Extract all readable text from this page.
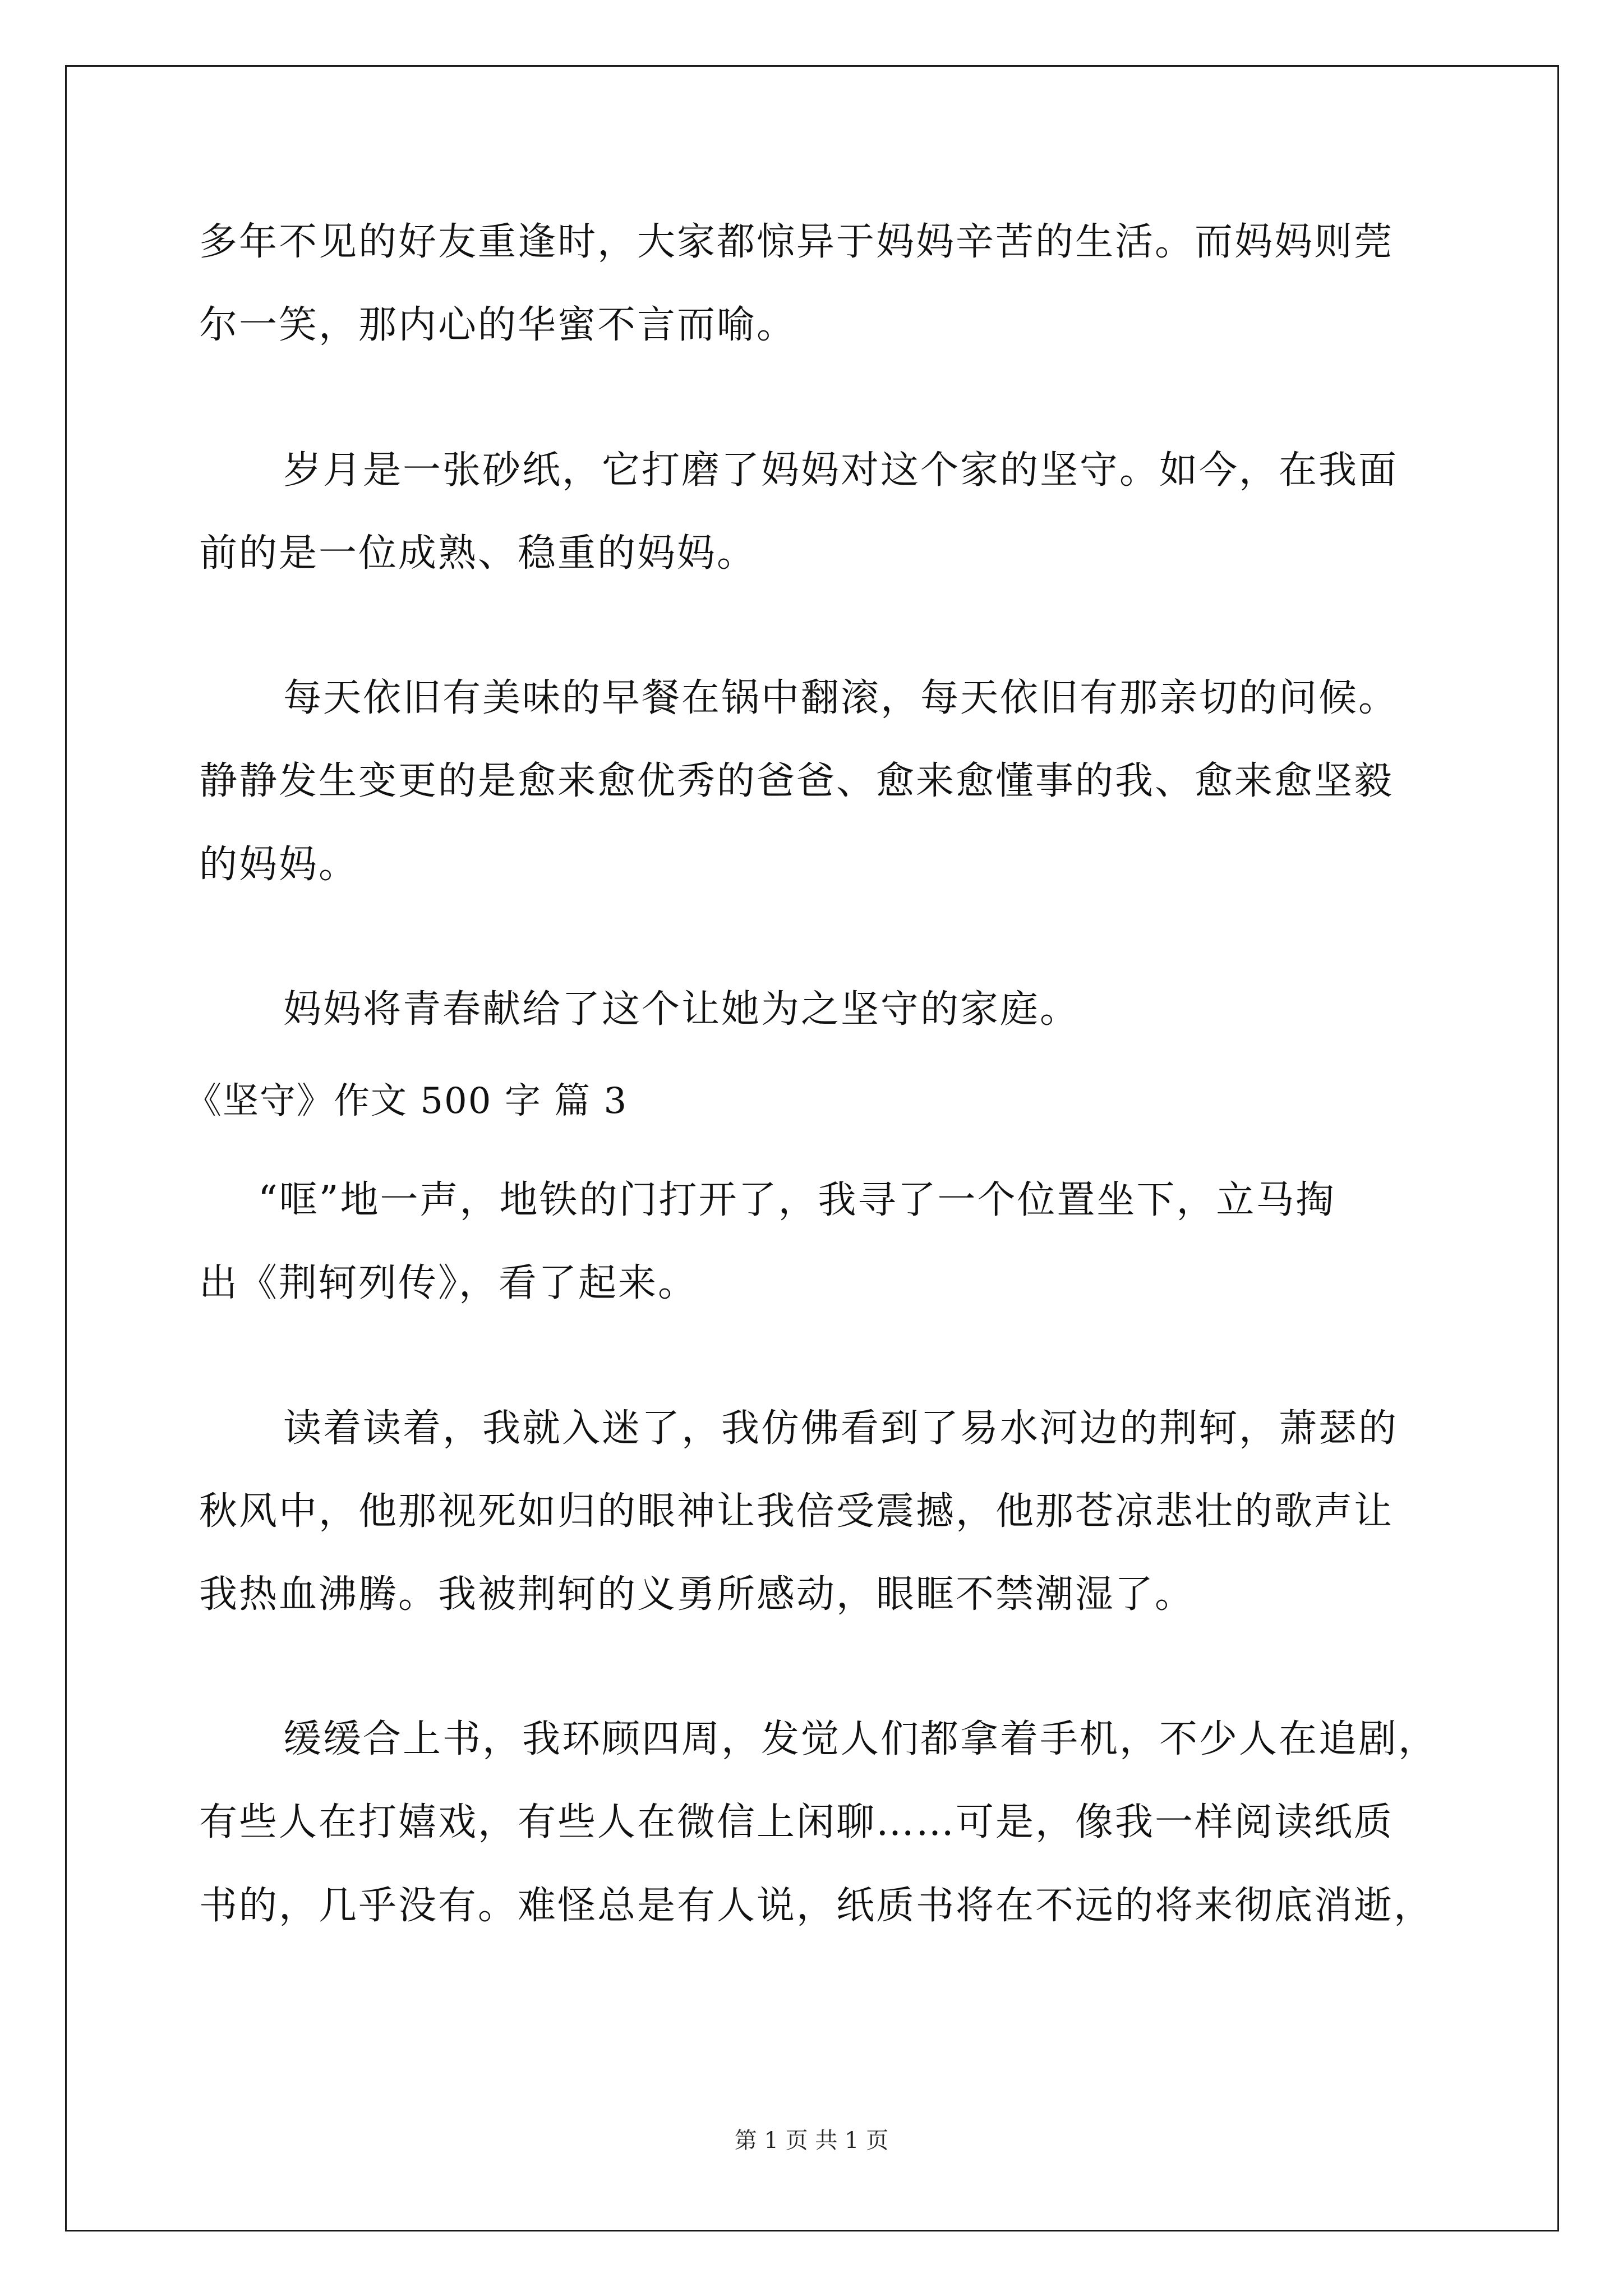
多年不见的好友重逢时，大家都惊异于妈妈辛苦的生活。而妈妈则莞
尔一笑，那内心的华蜜不言而喻。
岁月是一张砂纸，它打磨了妈妈对这个家的坚守。如今，在我面
前的是一位成熟、稳重的妈妈。
每天依旧有美味的早餐在锅中翻滚，每天依旧有那亲切的问候。
静静发生变更的是愈来愈优秀的爸爸、愈来愈懂事的我、愈来愈坚毅
的妈妈。
妈妈将青春献给了这个让她为之坚守的家庭。
《坚守》作文 500 字 篇 3
“哐”地一声，地铁的门打开了，我寻了一个位置坐下，立马掏
出《荆轲列传》，看了起来。
读着读着，我就入迷了，我仿佛看到了易水河边的荆轲，萧瑟的
秋风中，他那视死如归的眼神让我倍受震撼，他那苍凉悲壮的歌声让
我热血沸腾。我被荆轲的义勇所感动，眼眶不禁潮湿了。
缓缓合上书，我环顾四周，发觉人们都拿着手机，不少人在追剧，
有些人在打嬉戏，有些人在微信上闲聊……可是，像我一样阅读纸质
书的，几乎没有。难怪总是有人说，纸质书将在不远的将来彻底消逝，
第 1 页 共 1 页
